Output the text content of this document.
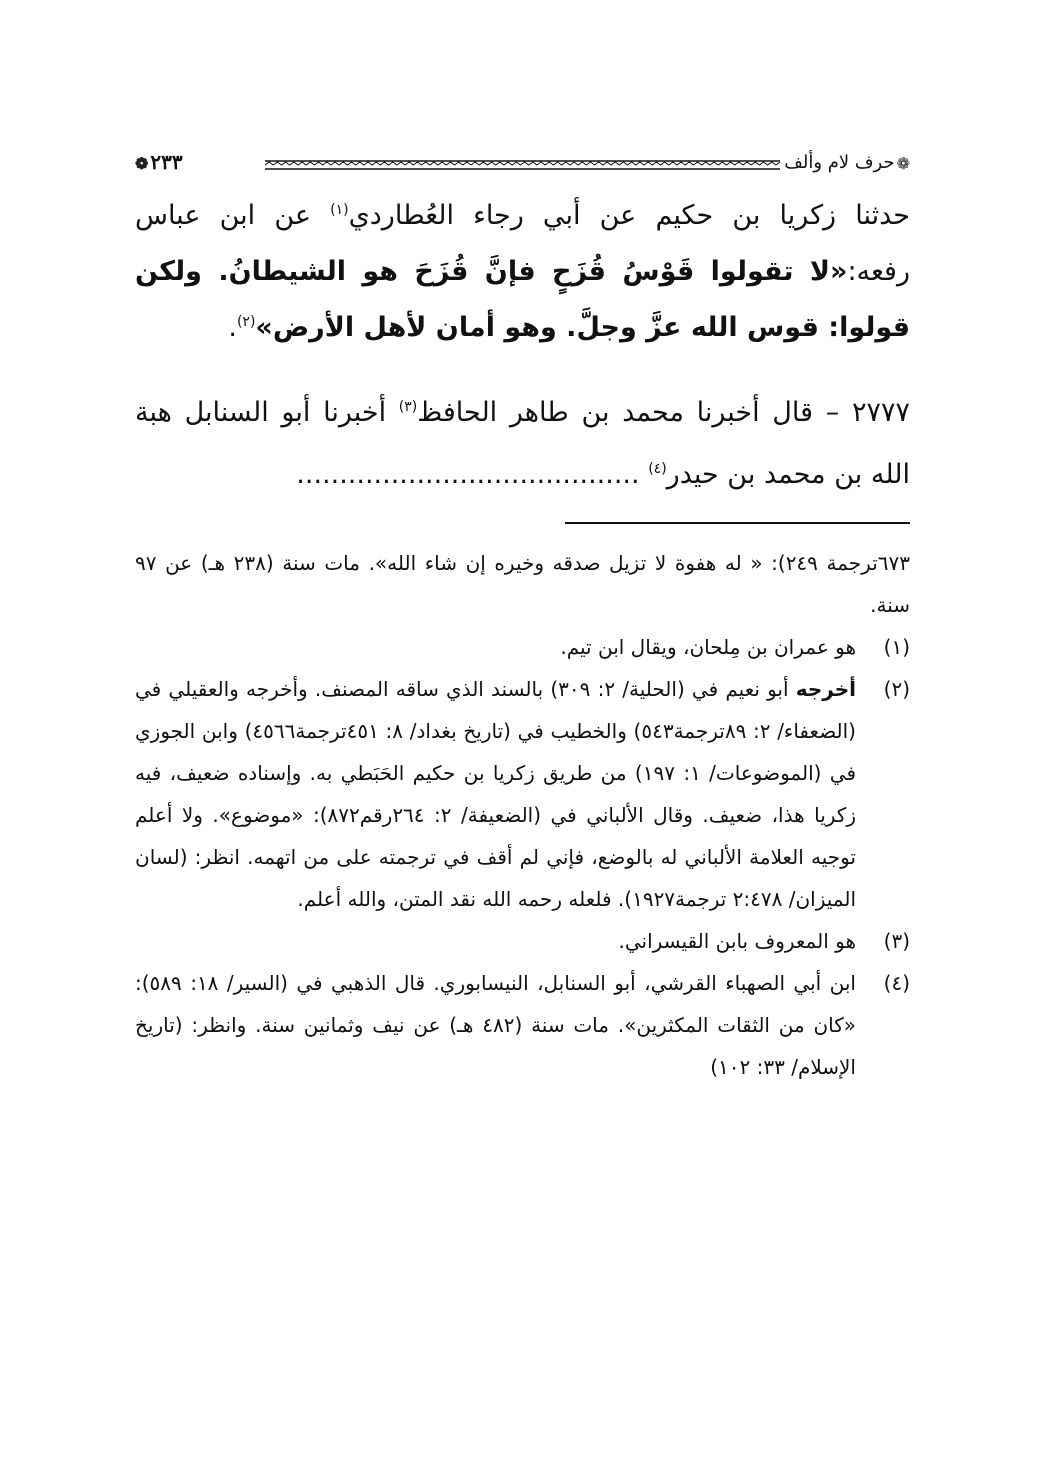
❁
حرف لام وألف
٢٣٣
❁

حدثنا زكريا بن حكيم عن أبي رجاء العُطاردي$^{(١)}$ عن ابن عباس رفعه:«لا تقولوا قَوْسُ قُزَحٍ فإنَّ قُزَحَ هو الشيطانُ. ولكن قولوا: قوس الله عزَّ وجلَّ. وهو أمان لأهل الأرض»$^{(٢)}$.

٢٧٧٧ – قال أخبرنا محمد بن طاهر الحافظ$^{(٣)}$ أخبرنا أبو السنابل هبة الله بن محمد بن حيدر$^{(٤)}$ ........................................

٦٧٣ترجمة ٢٤٩): « له هفوة لا تزيل صدقه وخيره إن شاء الله». مات سنة (٢٣٨ هـ) عن ٩٧ سنة.

(١)
هو عمران بن مِلحان، ويقال ابن تيم.
(٢)
أخرجه أبو نعيم في (الحلية/ ٢: ٣٠٩) بالسند الذي ساقه المصنف. وأخرجه والعقيلي في (الضعفاء/ ٢: ٨٩ترجمة٥٤٣) والخطيب في (تاريخ بغداد/ ٨: ٤٥١ترجمة٤٥٦٦) وابن الجوزي في (الموضوعات/ ١: ١٩٧) من طريق زكريا بن حكيم الحَبَطي به. وإسناده ضعيف، فيه زكريا هذا، ضعيف. وقال الألباني في (الضعيفة/ ٢: ٢٦٤رقم٨٧٢): «موضوع». ولا أعلم توجيه العلامة الألباني له بالوضع، فإني لم أقف في ترجمته على من اتهمه. انظر: (لسان الميزان/ ٢:٤٧٨ ترجمة١٩٢٧). فلعله رحمه الله نقد المتن، والله أعلم.
(٣)
هو المعروف بابن القيسراني.
(٤)
ابن أبي الصهباء القرشي، أبو السنابل، النيسابوري. قال الذهبي في (السير/ ١٨: ٥٨٩): «كان من الثقات المكثرين». مات سنة (٤٨٢ هـ) عن نيف وثمانين سنة. وانظر: (تاريخ الإسلام/ ٣٣: ١٠٢)
